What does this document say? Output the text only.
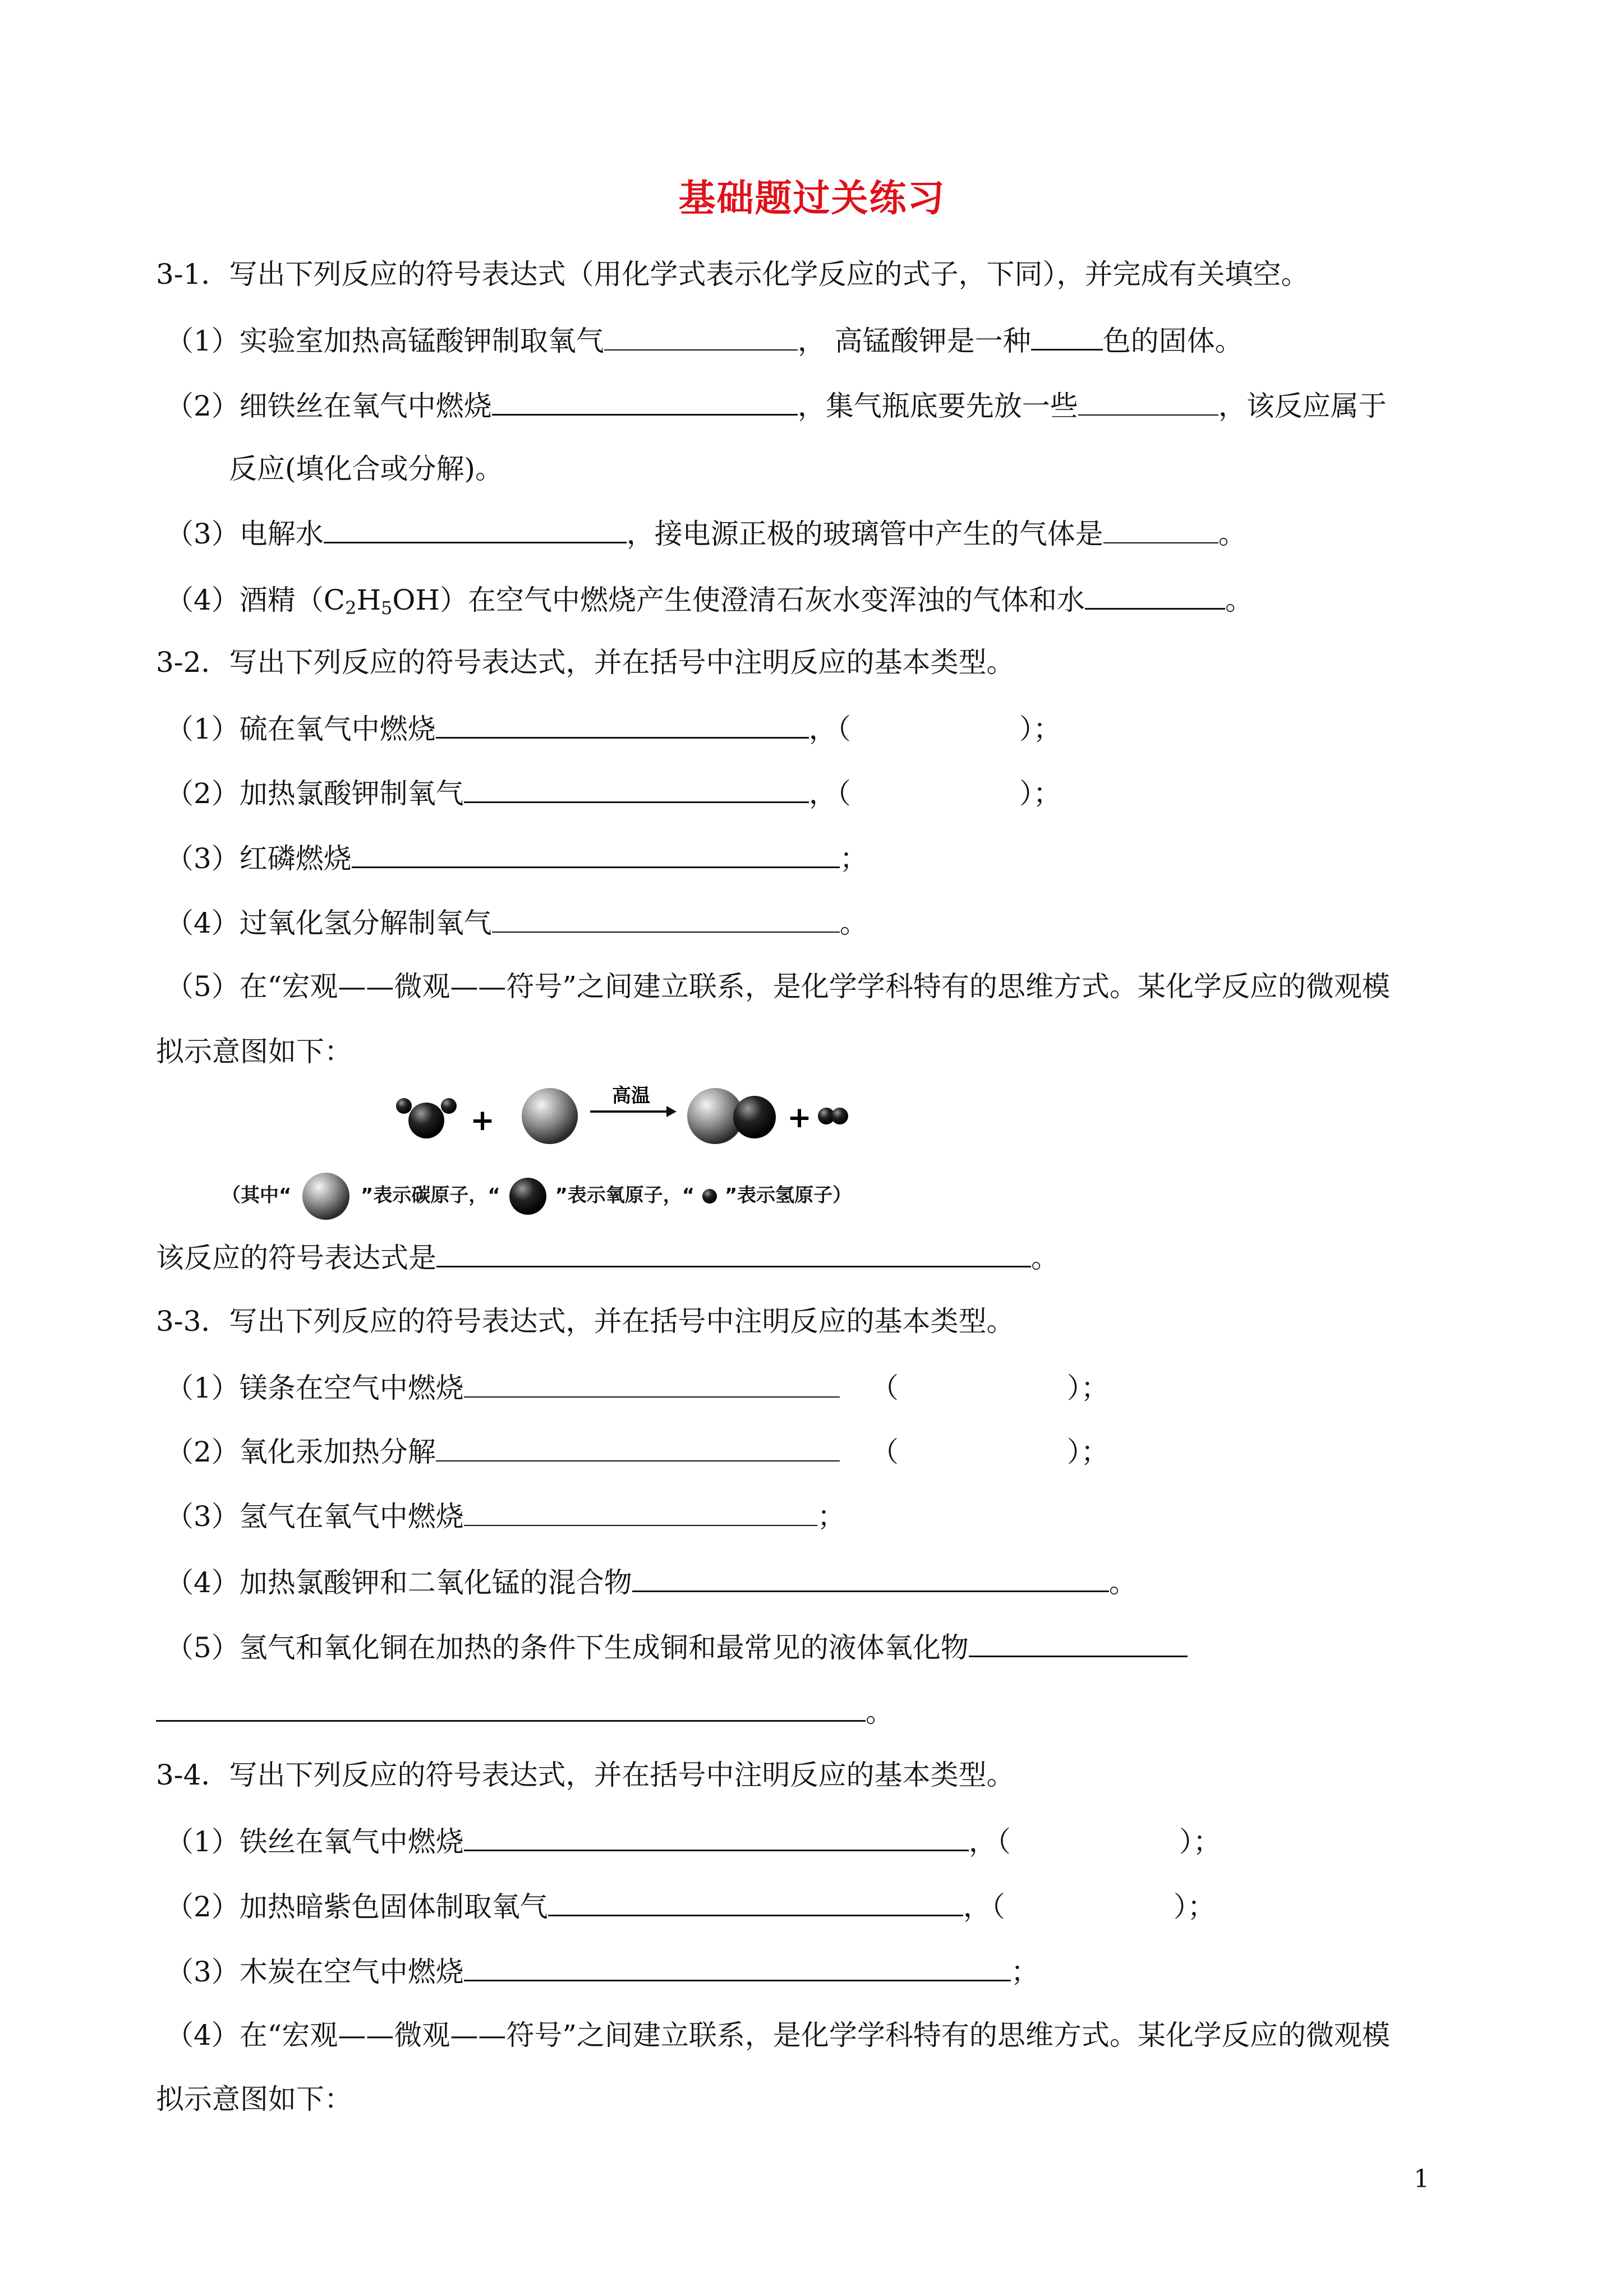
基础题过关练习
3-1．写出下列反应的符号表达式（用化学式表示化学反应的式子，下同），并完成有关填空。
（1）实验室加热高锰酸钾制取氧气	， 高锰酸钾是一种	色的固体。
（2）细铁丝在氧气中燃烧	，集气瓶底要先放一些	，该反应属于
反应(填化合或分解)。
（3）电解水	，接电源正极的玻璃管中产生的气体是	。
（4）酒精$(C_2H_5OH)$在空气中燃烧产生使澄清石灰水变浑浊的气体和水	。
3-2．写出下列反应的符号表达式，并在括号中注明反应的基本类型。
（1）硫在氧气中燃烧	，（	）；
（2）加热氯酸钾制氧气	，（	）；
（3）红磷燃烧	；
（4）过氧化氢分解制氧气	。
（5）在“宏观——微观——符号”之间建立联系，是化学学科特有的思维方式。某化学反应的微观模
拟示意图如下：
+
高温
+
（其中“	”表示碳原子，“	”表示氧原子，“ ”表示氢原子）
该反应的符号表达式是	。
3-3．写出下列反应的符号表达式，并在括号中注明反应的基本类型。
（1）镁条在空气中燃烧	（	）；
（2）氧化汞加热分解	（	）；
（3）氢气在氧气中燃烧	；
（4）加热氯酸钾和二氧化锰的混合物	。
（5）氢气和氧化铜在加热的条件下生成铜和最常见的液体氧化物
。
3-4．写出下列反应的符号表达式，并在括号中注明反应的基本类型。
（1）铁丝在氧气中燃烧	，（	）；
（2）加热暗紫色固体制取氧气	，（	）；
（3）木炭在空气中燃烧	；
（4）在“宏观——微观——符号”之间建立联系，是化学学科特有的思维方式。某化学反应的微观模
拟示意图如下：
1
